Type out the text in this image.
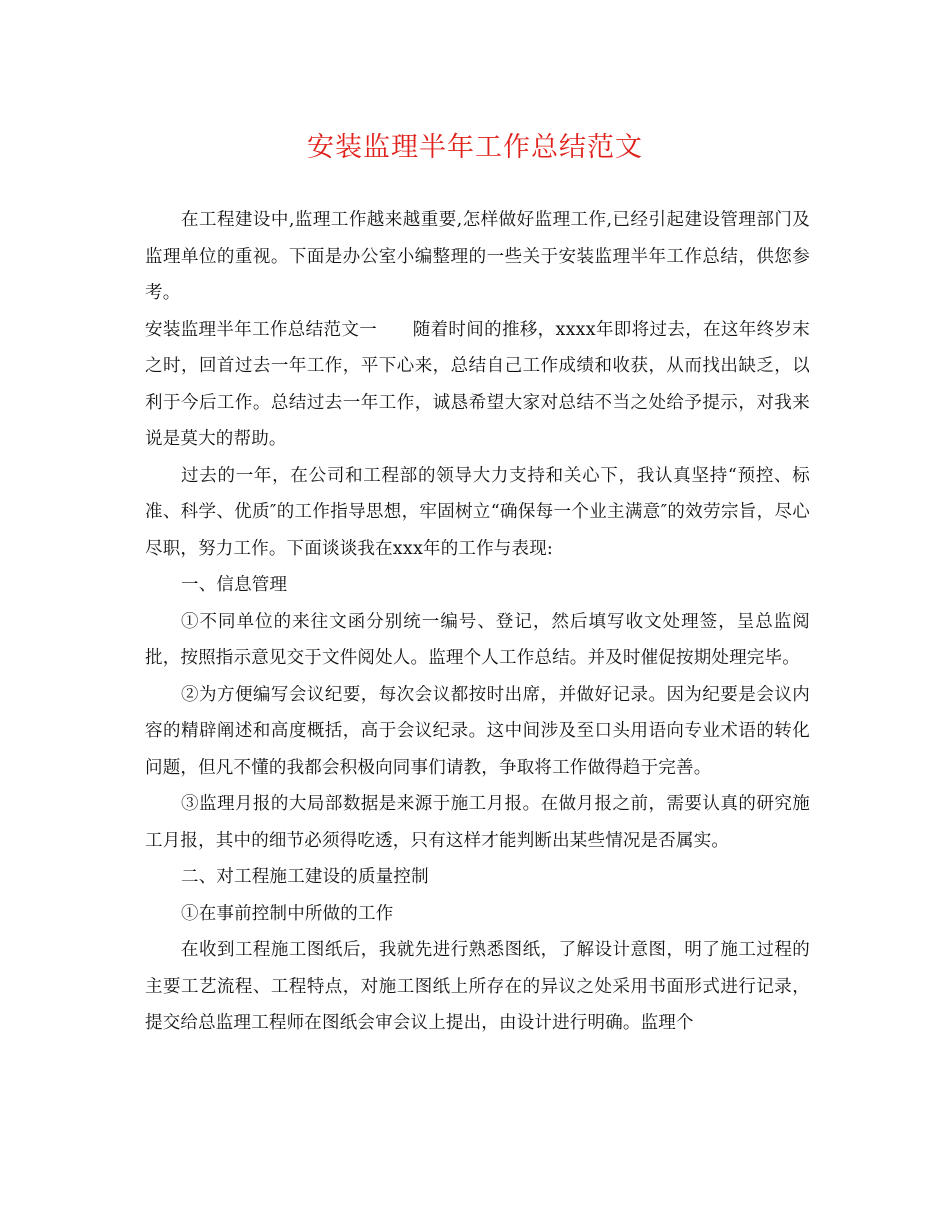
安装监理半年工作总结范文

在工程建设中,监理工作越来越重要,怎样做好监理工作,已经引起建设管理部门及监理单位的重视。下面是办公室小编整理的一些关于安装监理半年工作总结，供您参考。

安装监理半年工作总结范文一　　随着时间的推移，xxxx年即将过去，在这年终岁末之时，回首过去一年工作，平下心来，总结自己工作成绩和收获，从而找出缺乏，以利于今后工作。总结过去一年工作，诚恳希望大家对总结不当之处给予提示，对我来说是莫大的帮助。

过去的一年，在公司和工程部的领导大力支持和关心下，我认真坚持“预控、标准、科学、优质″的工作指导思想，牢固树立“确保每一个业主满意″的效劳宗旨，尽心尽职，努力工作。下面谈谈我在xxx年的工作与表现:

一、信息管理

①不同单位的来往文函分别统一编号、登记，然后填写收文处理签，呈总监阅批，按照指示意见交于文件阅处人。监理个人工作总结。并及时催促按期处理完毕。

②为方便编写会议纪要，每次会议都按时出席，并做好记录。因为纪要是会议内容的精辟阐述和高度概括，高于会议纪录。这中间涉及至口头用语向专业术语的转化问题，但凡不懂的我都会积极向同事们请教，争取将工作做得趋于完善。

③监理月报的大局部数据是来源于施工月报。在做月报之前，需要认真的研究施工月报，其中的细节必须得吃透，只有这样才能判断出某些情况是否属实。

二、对工程施工建设的质量控制

①在事前控制中所做的工作

在收到工程施工图纸后，我就先进行熟悉图纸，了解设计意图，明了施工过程的主要工艺流程、工程特点，对施工图纸上所存在的异议之处采用书面形式进行记录，提交给总监理工程师在图纸会审会议上提出，由设计进行明确。监理个
